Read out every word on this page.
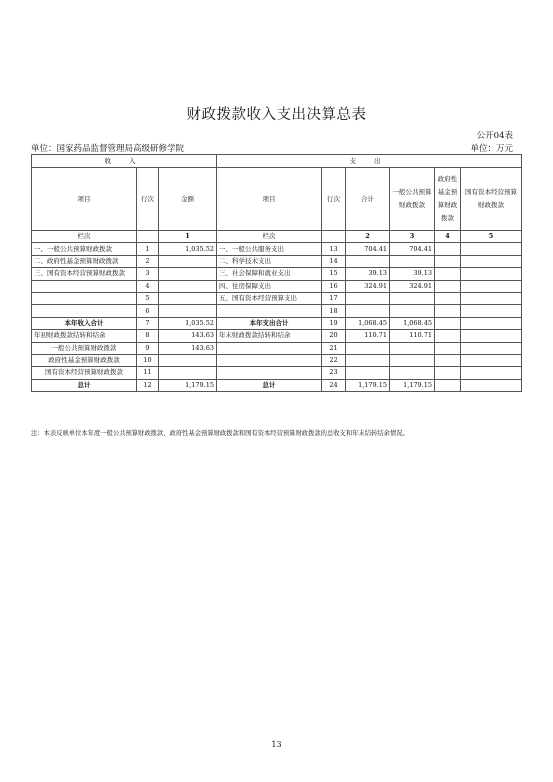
财政拨款收入支出决算总表
公开04表
单位：国家药品监督管理局高级研修学院	单位：万元
收 入			支 出					
项目	行次	金额	项目	行次	合计	一般公共预算财政拨款	政府性基金预算财政拨款	国有资本经营预算财政拨款
栏次		1	栏次		2	3	4	5
一、一般公共预算财政拨款	1	1,035.52	一、一般公共服务支出	13	704.41	704.41		
二、政府性基金预算财政拨款	2		二、科学技术支出	14				
三、国有资本经营预算财政拨款	3		三、社会保障和就业支出	15	39.13	39.13		
	4		四、住房保障支出	16	324.91	324.91		
	5		五、国有资本经营预算支出	17				
	6			18				
本年收入合计	7	1,035.52	本年支出合计	19	1,068.45	1,068.45		
年初财政拨款结转和结余	8	143.63	年末财政拨款结转和结余	20	110.71	110.71		
一般公共预算财政拨款	9	143.63		21				
政府性基金预算财政拨款	10			22				
国有资本经营预算财政拨款	11			23				
总计	12	1,179.15	总计	24	1,179.15	1,179.15		
注：本表反映单位本年度一般公共预算财政拨款、政府性基金预算财政拨款和国有资本经营预算财政拨款的总收支和年末结转结余情况。
13
